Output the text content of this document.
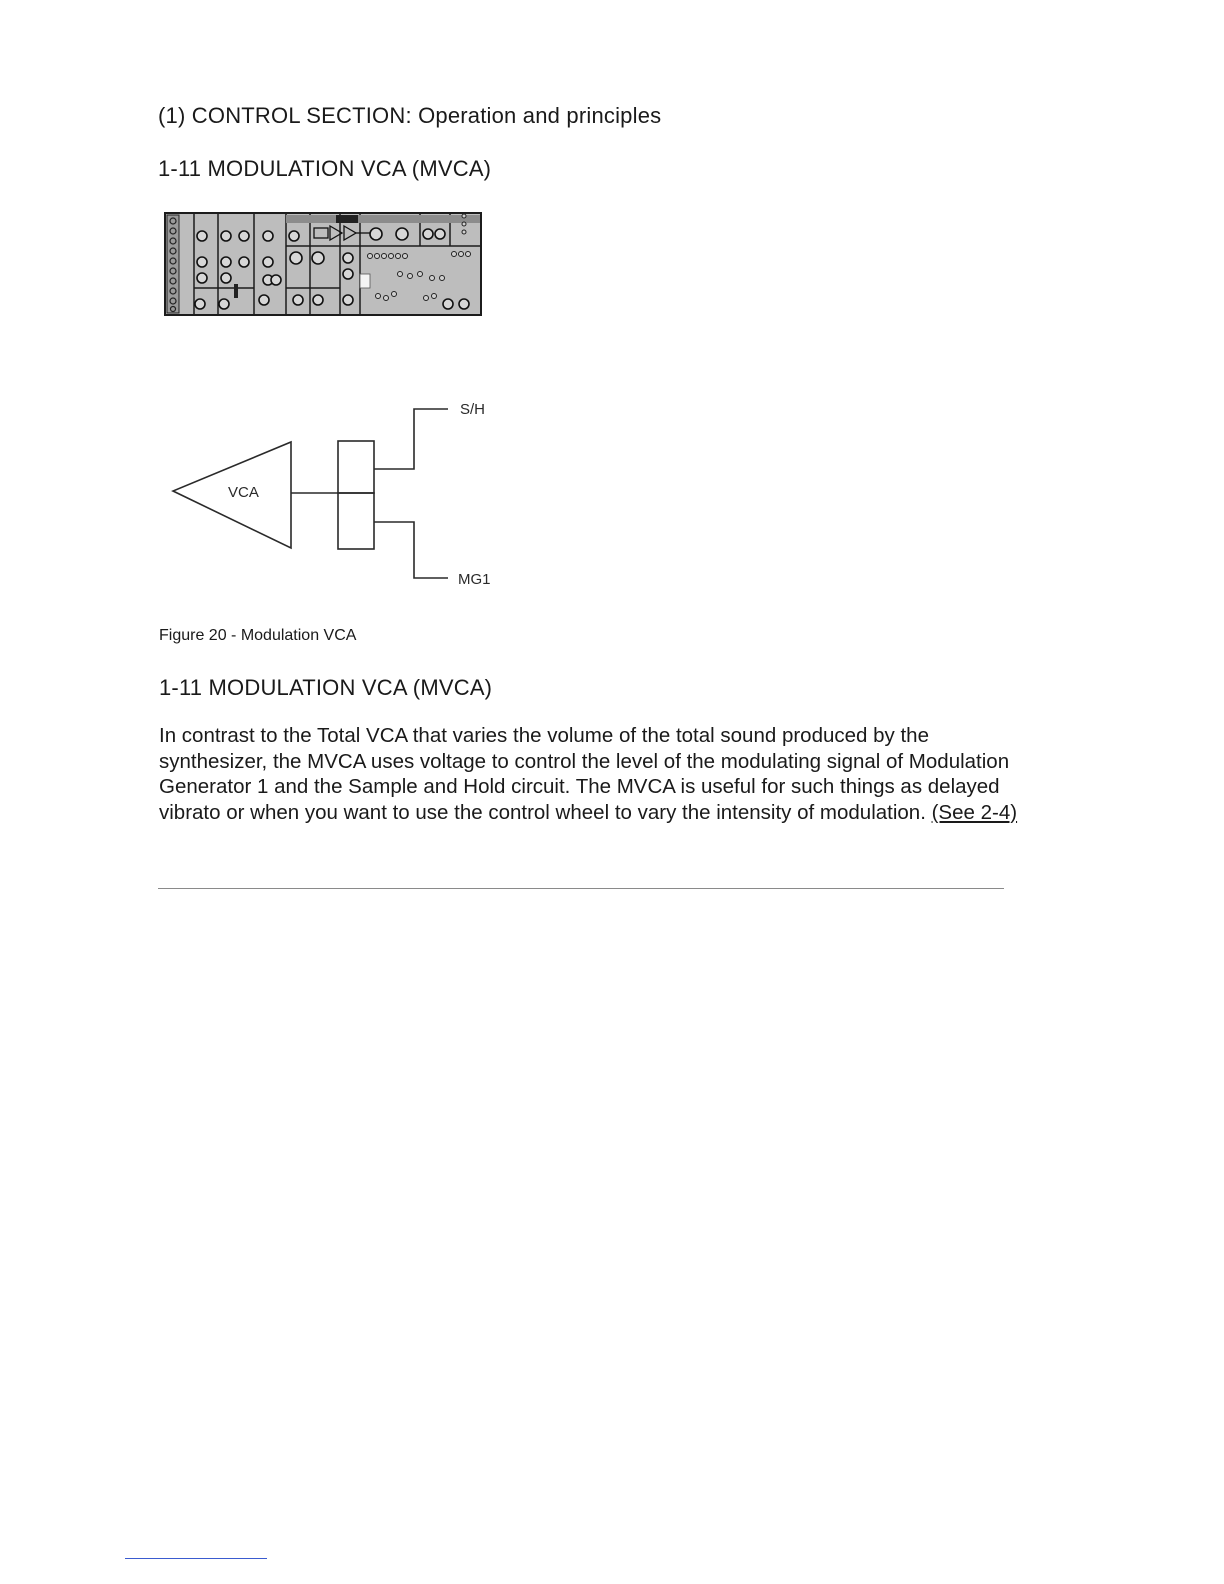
(1) CONTROL SECTION: Operation and principles
1-11 MODULATION VCA (MVCA)
VCA
S/H
MG1
Figure 20 - Modulation VCA
1-11 MODULATION VCA (MVCA)
In contrast to the Total VCA that varies the volume of the total sound produced by the synthesizer, the MVCA uses voltage to control the level of the modulating signal of Modulation Generator 1 and the Sample and Hold circuit. The MVCA is useful for such things as delayed vibrato or when you want to use the control wheel to vary the intensity of modulation. (See 2-4)
